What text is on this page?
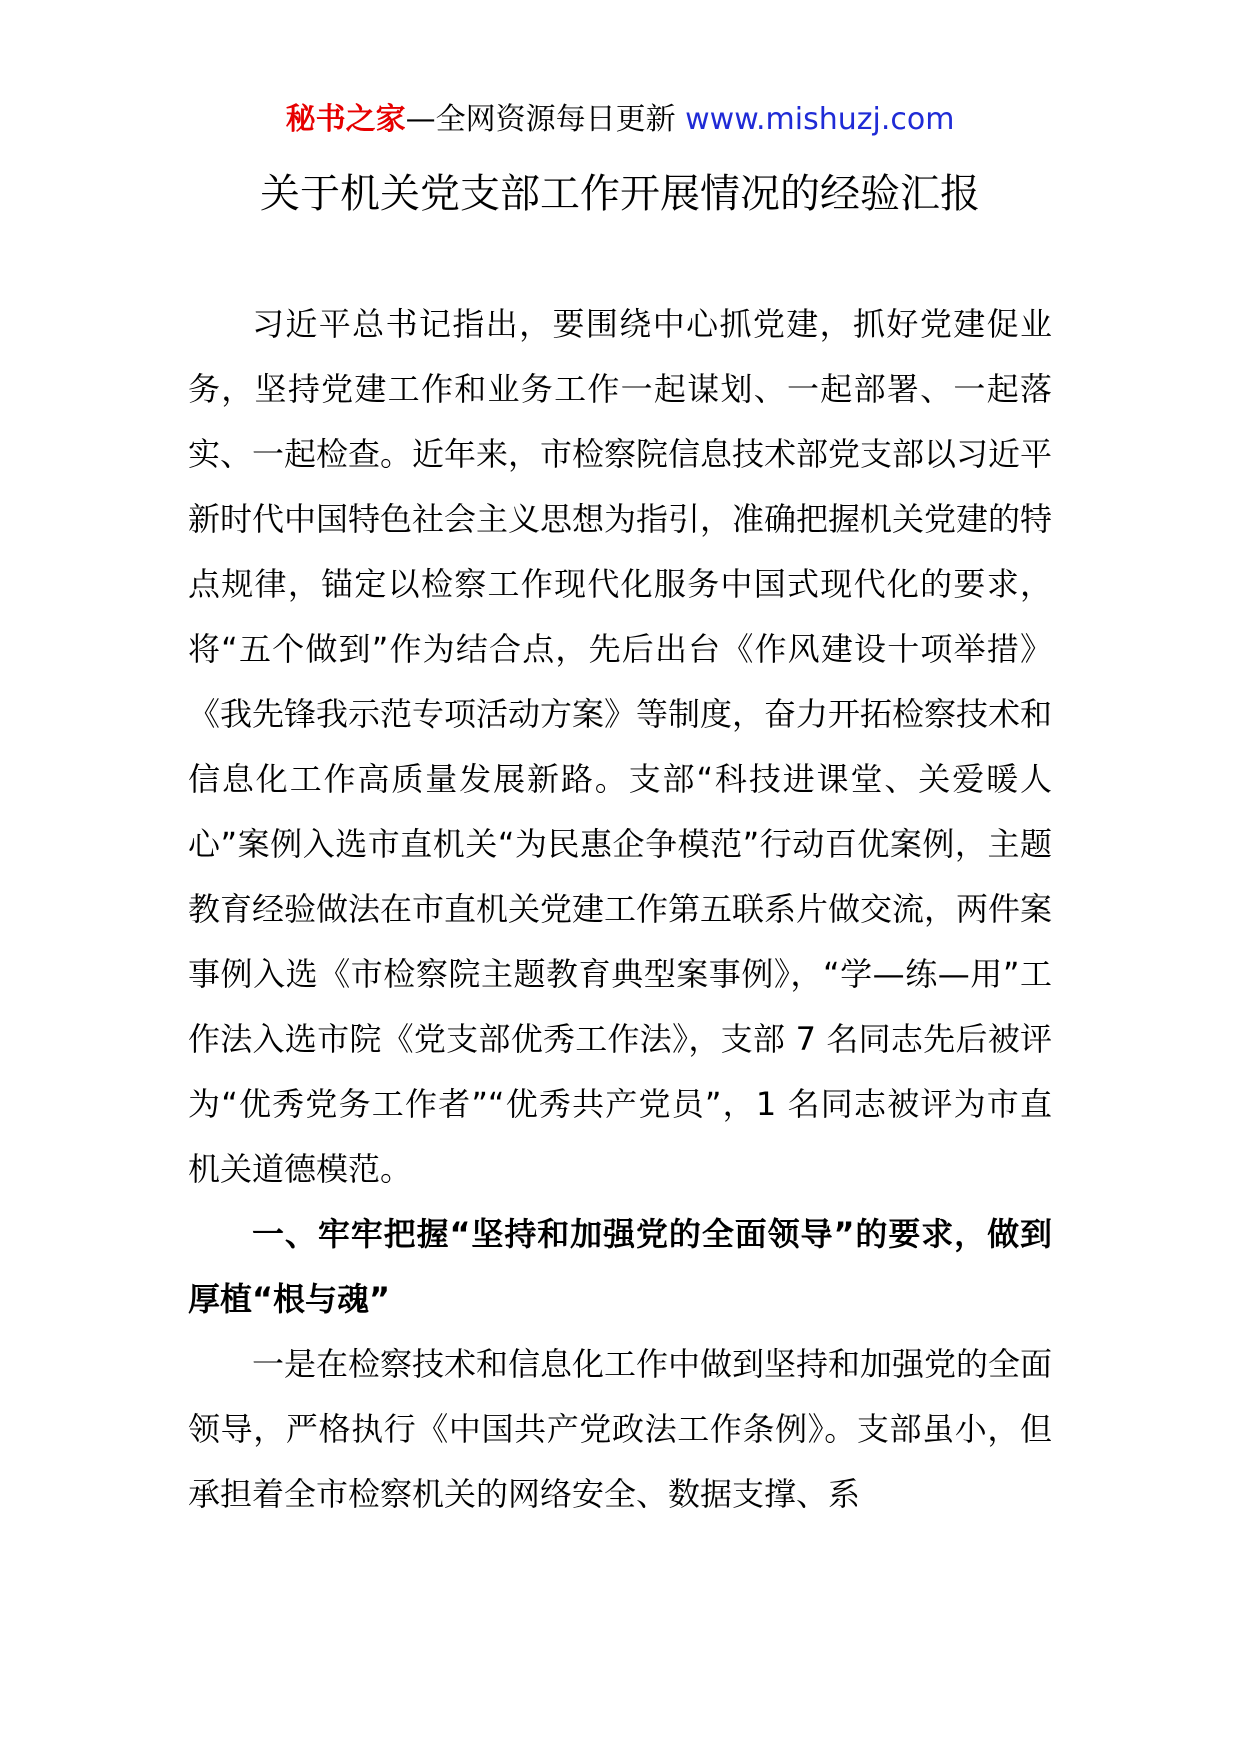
秘书之家—全网资源每日更新 www.mishuzj.com
关于机关党支部工作开展情况的经验汇报

习近平总书记指出，要围绕中心抓党建，抓好党建促业务，坚持党建工作和业务工作一起谋划、一起部署、一起落实、一起检查。近年来，市检察院信息技术部党支部以习近平新时代中国特色社会主义思想为指引，准确把握机关党建的特点规律，锚定以检察工作现代化服务中国式现代化的要求，将“五个做到”作为结合点，先后出台《作风建设十项举措》《我先锋我示范专项活动方案》等制度，奋力开拓检察技术和信息化工作高质量发展新路。支部“科技进课堂、关爱暖人心”案例入选市直机关“为民惠企争模范”行动百优案例，主题教育经验做法在市直机关党建工作第五联系片做交流，两件案事例入选《市检察院主题教育典型案事例》，“学—练—用”工作法入选市院《党支部优秀工作法》，支部 7 名同志先后被评为“优秀党务工作者”“优秀共产党员”，1 名同志被评为市直机关道德模范。

一、牢牢把握“坚持和加强党的全面领导”的要求，做到厚植“根与魂”

一是在检察技术和信息化工作中做到坚持和加强党的全面领导，严格执行《中国共产党政法工作条例》。支部虽小，但承担着全市检察机关的网络安全、数据支撑、系
